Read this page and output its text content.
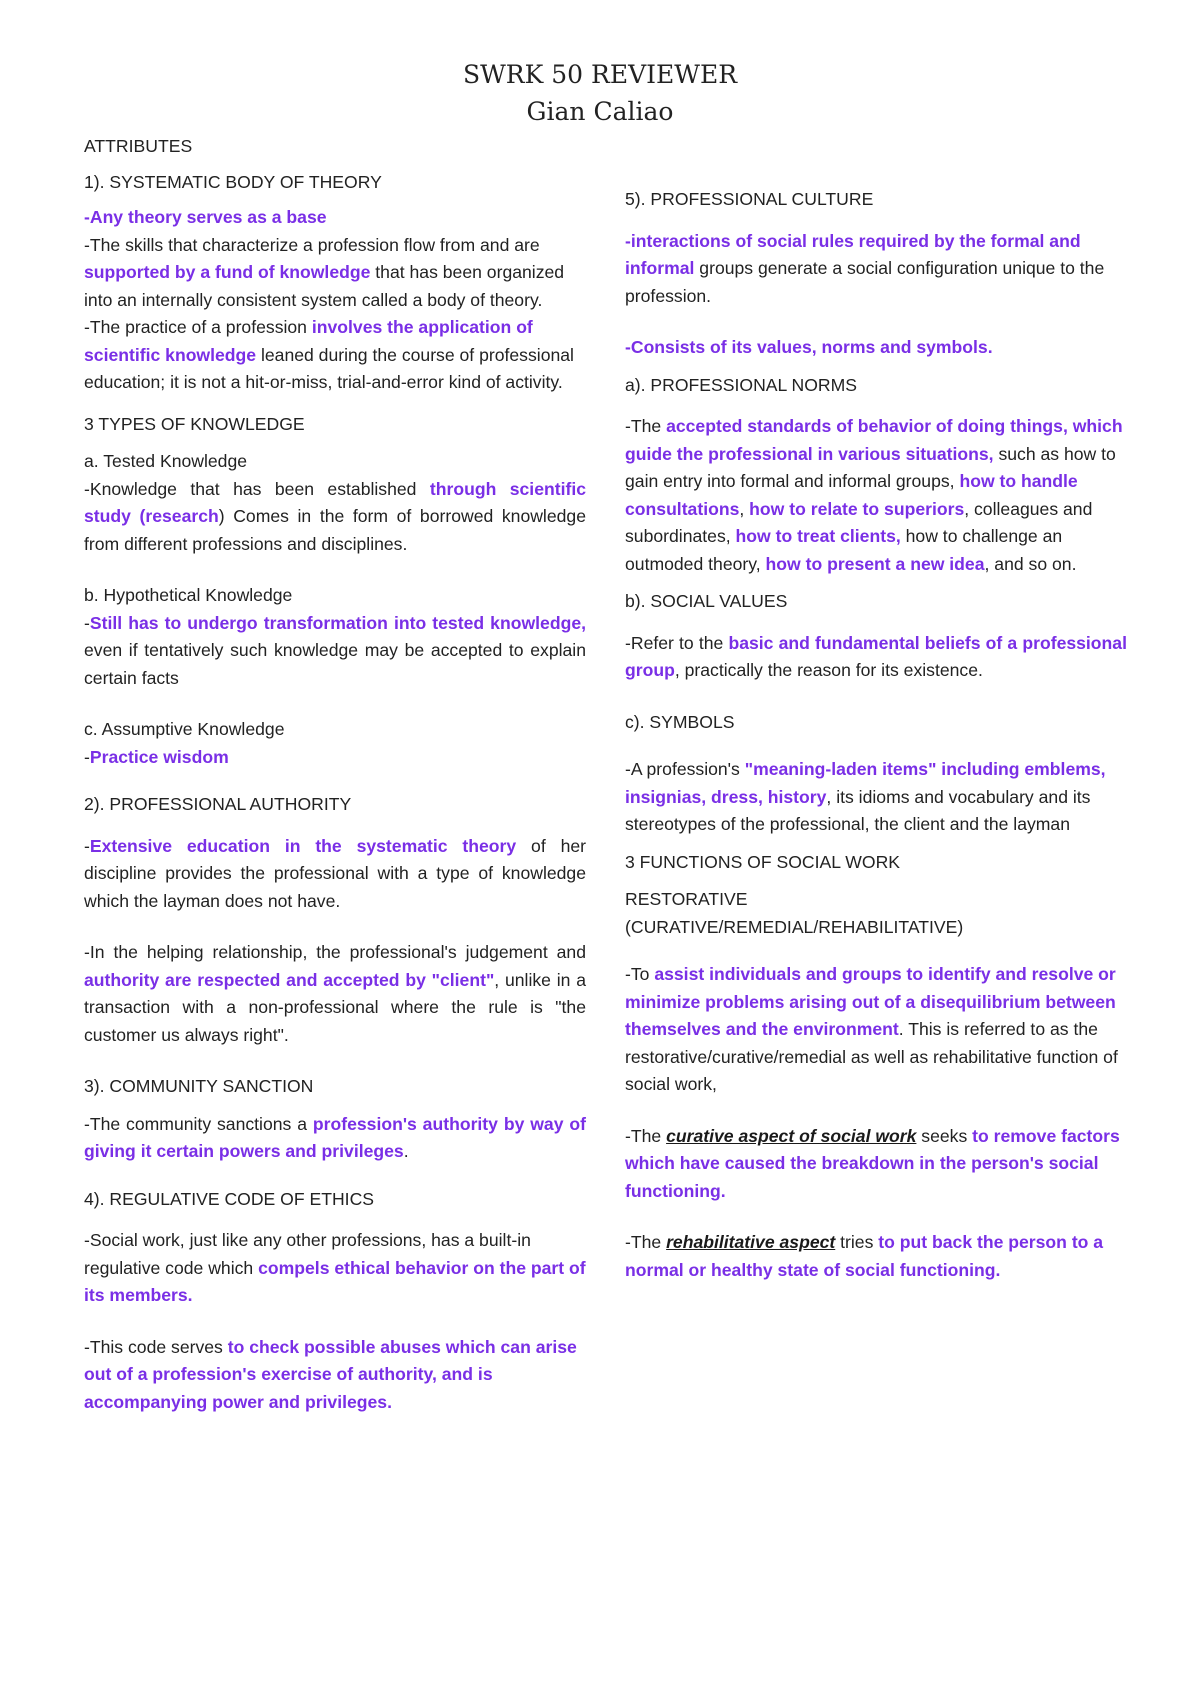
SWRK 50 REVIEWER
Gian Caliao

ATTRIBUTES

1). SYSTEMATIC BODY OF THEORY

-Any theory serves as a base

-The skills that characterize a profession flow from and are supported by a fund of knowledge that has been organized into an internally consistent system called a body of theory.

-The practice of a profession involves the application of scientific knowledge leaned during the course of professional education; it is not a hit-or-miss, trial-and-error kind of activity.

3 TYPES OF KNOWLEDGE

a. Tested Knowledge

-Knowledge that has been established through scientific study (research) Comes in the form of borrowed knowledge from different professions and disciplines.

b. Hypothetical Knowledge

-Still has to undergo transformation into tested knowledge, even if tentatively such knowledge may be accepted to explain certain facts

c. Assumptive Knowledge

-Practice wisdom

2). PROFESSIONAL AUTHORITY

-Extensive education in the systematic theory of her discipline provides the professional with a type of knowledge which the layman does not have.

-In the helping relationship, the professional's judgement and authority are respected and accepted by "client", unlike in a transaction with a non-professional where the rule is "the customer us always right".

3). COMMUNITY SANCTION

-The community sanctions a profession's authority by way of giving it certain powers and privileges.

4). REGULATIVE CODE OF ETHICS

-Social work, just like any other professions, has a built-in regulative code which compels ethical behavior on the part of its members.

-This code serves to check possible abuses which can arise out of a profession's exercise of authority, and is accompanying power and privileges.

5). PROFESSIONAL CULTURE

-interactions of social rules required by the formal and informal groups generate a social configuration unique to the profession.

-Consists of its values, norms and symbols.

a). PROFESSIONAL NORMS

-The accepted standards of behavior of doing things, which guide the professional in various situations, such as how to gain entry into formal and informal groups, how to handle consultations, how to relate to superiors, colleagues and subordinates, how to treat clients, how to challenge an outmoded theory, how to present a new idea, and so on.

b). SOCIAL VALUES

-Refer to the basic and fundamental beliefs of a professional group, practically the reason for its existence.

c). SYMBOLS

-A profession's "meaning-laden items" including emblems, insignias, dress, history, its idioms and vocabulary and its stereotypes of the professional, the client and the layman

3 FUNCTIONS OF SOCIAL WORK

RESTORATIVE

(CURATIVE/REMEDIAL/REHABILITATIVE)

-To assist individuals and groups to identify and resolve or minimize problems arising out of a disequilibrium between themselves and the environment. This is referred to as the restorative/curative/remedial as well as rehabilitative function of social work,

-The curative aspect of social work seeks to remove factors which have caused the breakdown in the person's social functioning.

-The rehabilitative aspect tries to put back the person to a normal or healthy state of social functioning.
